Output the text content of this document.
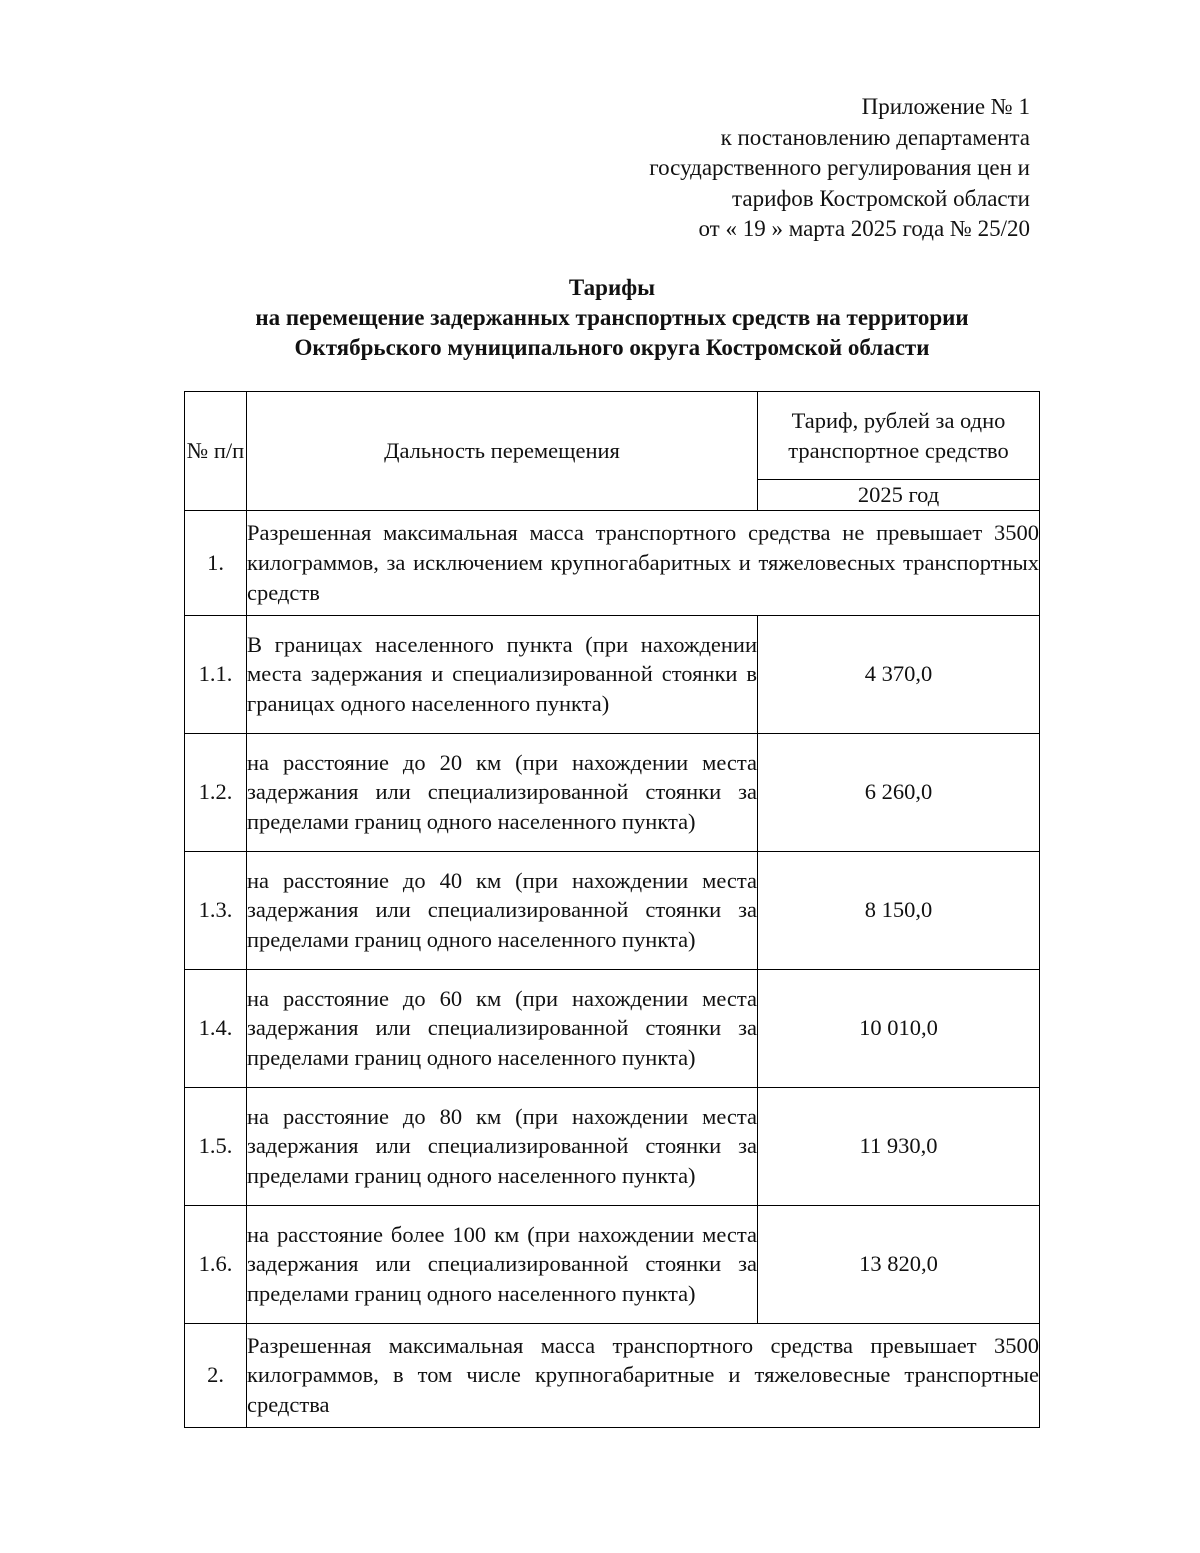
Приложение № 1
к постановлению департамента
государственного регулирования цен и
тарифов Костромской области
от « 19 » марта 2025 года № 25/20
Тарифы
на перемещение задержанных транспортных средств на территории
Октябрьского муниципального округа Костромской области
№ п/п	Дальность перемещения	Тариф, рублей за одно транспортное средство
		2025 год
1.	Разрешенная максимальная масса транспортного средства не превышает 3500 килограммов, за исключением крупногабаритных и тяжеловесных транспортных средств	
1.1.	В границах населенного пункта (при нахождении места задержания и специализированной стоянки в границах одного населенного пункта)	4 370,0
1.2.	на расстояние до 20 км (при нахождении места задержания или специализированной стоянки за пределами границ одного населенного пункта)	6 260,0
1.3.	на расстояние до 40 км (при нахождении места задержания или специализированной стоянки за пределами границ одного населенного пункта)	8 150,0
1.4.	на расстояние до 60 км (при нахождении места задержания или специализированной стоянки за пределами границ одного населенного пункта)	10 010,0
1.5.	на расстояние до 80 км (при нахождении места задержания или специализированной стоянки за пределами границ одного населенного пункта)	11 930,0
1.6.	на расстояние более 100 км (при нахождении места задержания или специализированной стоянки за пределами границ одного населенного пункта)	13 820,0
2.	Разрешенная максимальная масса транспортного средства превышает 3500 килограммов, в том числе крупногабаритные и тяжеловесные транспортные средства	
